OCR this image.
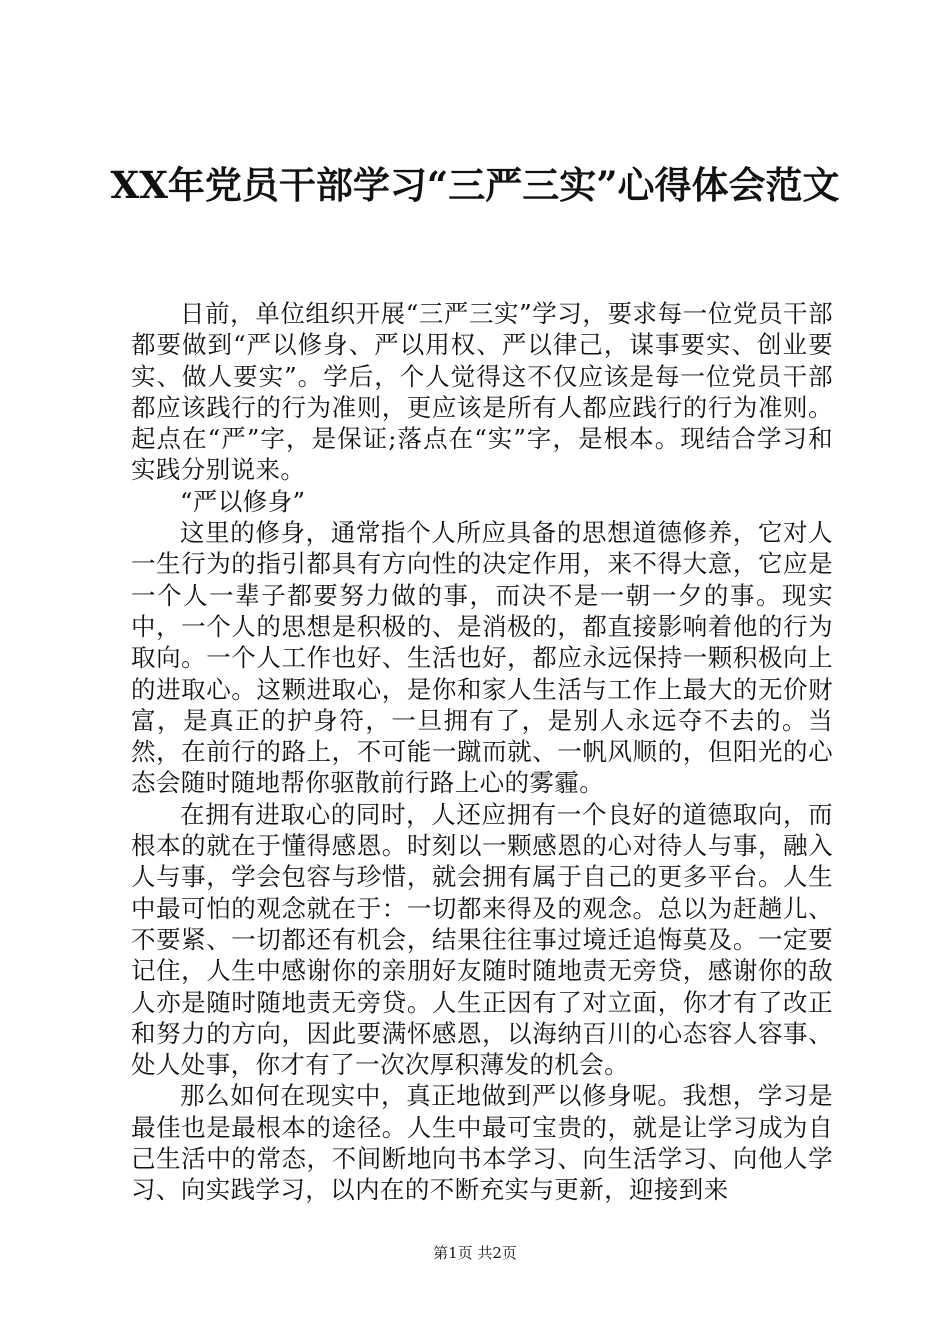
XX年党员干部学习“三严三实”心得体会范文

日前，单位组织开展“三严三实”学习，要求每一位党员干部都要做到“严以修身、严以用权、严以律己，谋事要实、创业要实、做人要实”。学后，个人觉得这不仅应该是每一位党员干部都应该践行的行为准则，更应该是所有人都应践行的行为准则。起点在“严”字，是保证;落点在“实”字，是根本。现结合学习和实践分别说来。

“严以修身”

这里的修身，通常指个人所应具备的思想道德修养，它对人一生行为的指引都具有方向性的决定作用，来不得大意，它应是一个人一辈子都要努力做的事，而决不是一朝一夕的事。现实中，一个人的思想是积极的、是消极的，都直接影响着他的行为取向。一个人工作也好、生活也好，都应永远保持一颗积极向上的进取心。这颗进取心，是你和家人生活与工作上最大的无价财富，是真正的护身符，一旦拥有了，是别人永远夺不去的。当然，在前行的路上，不可能一蹴而就、一帆风顺的，但阳光的心态会随时随地帮你驱散前行路上心的雾霾。

在拥有进取心的同时，人还应拥有一个良好的道德取向，而根本的就在于懂得感恩。时刻以一颗感恩的心对待人与事，融入人与事，学会包容与珍惜，就会拥有属于自己的更多平台。人生中最可怕的观念就在于：一切都来得及的观念。总以为赶趟儿、不要紧、一切都还有机会，结果往往事过境迁追悔莫及。一定要记住，人生中感谢你的亲朋好友随时随地责无旁贷，感谢你的敌人亦是随时随地责无旁贷。人生正因有了对立面，你才有了改正和努力的方向，因此要满怀感恩，以海纳百川的心态容人容事、处人处事，你才有了一次次厚积薄发的机会。

那么如何在现实中，真正地做到严以修身呢。我想，学习是最佳也是最根本的途径。人生中最可宝贵的，就是让学习成为自己生活中的常态，不间断地向书本学习、向生活学习、向他人学习、向实践学习，以内在的不断充实与更新，迎接到来

第1页 共2页
